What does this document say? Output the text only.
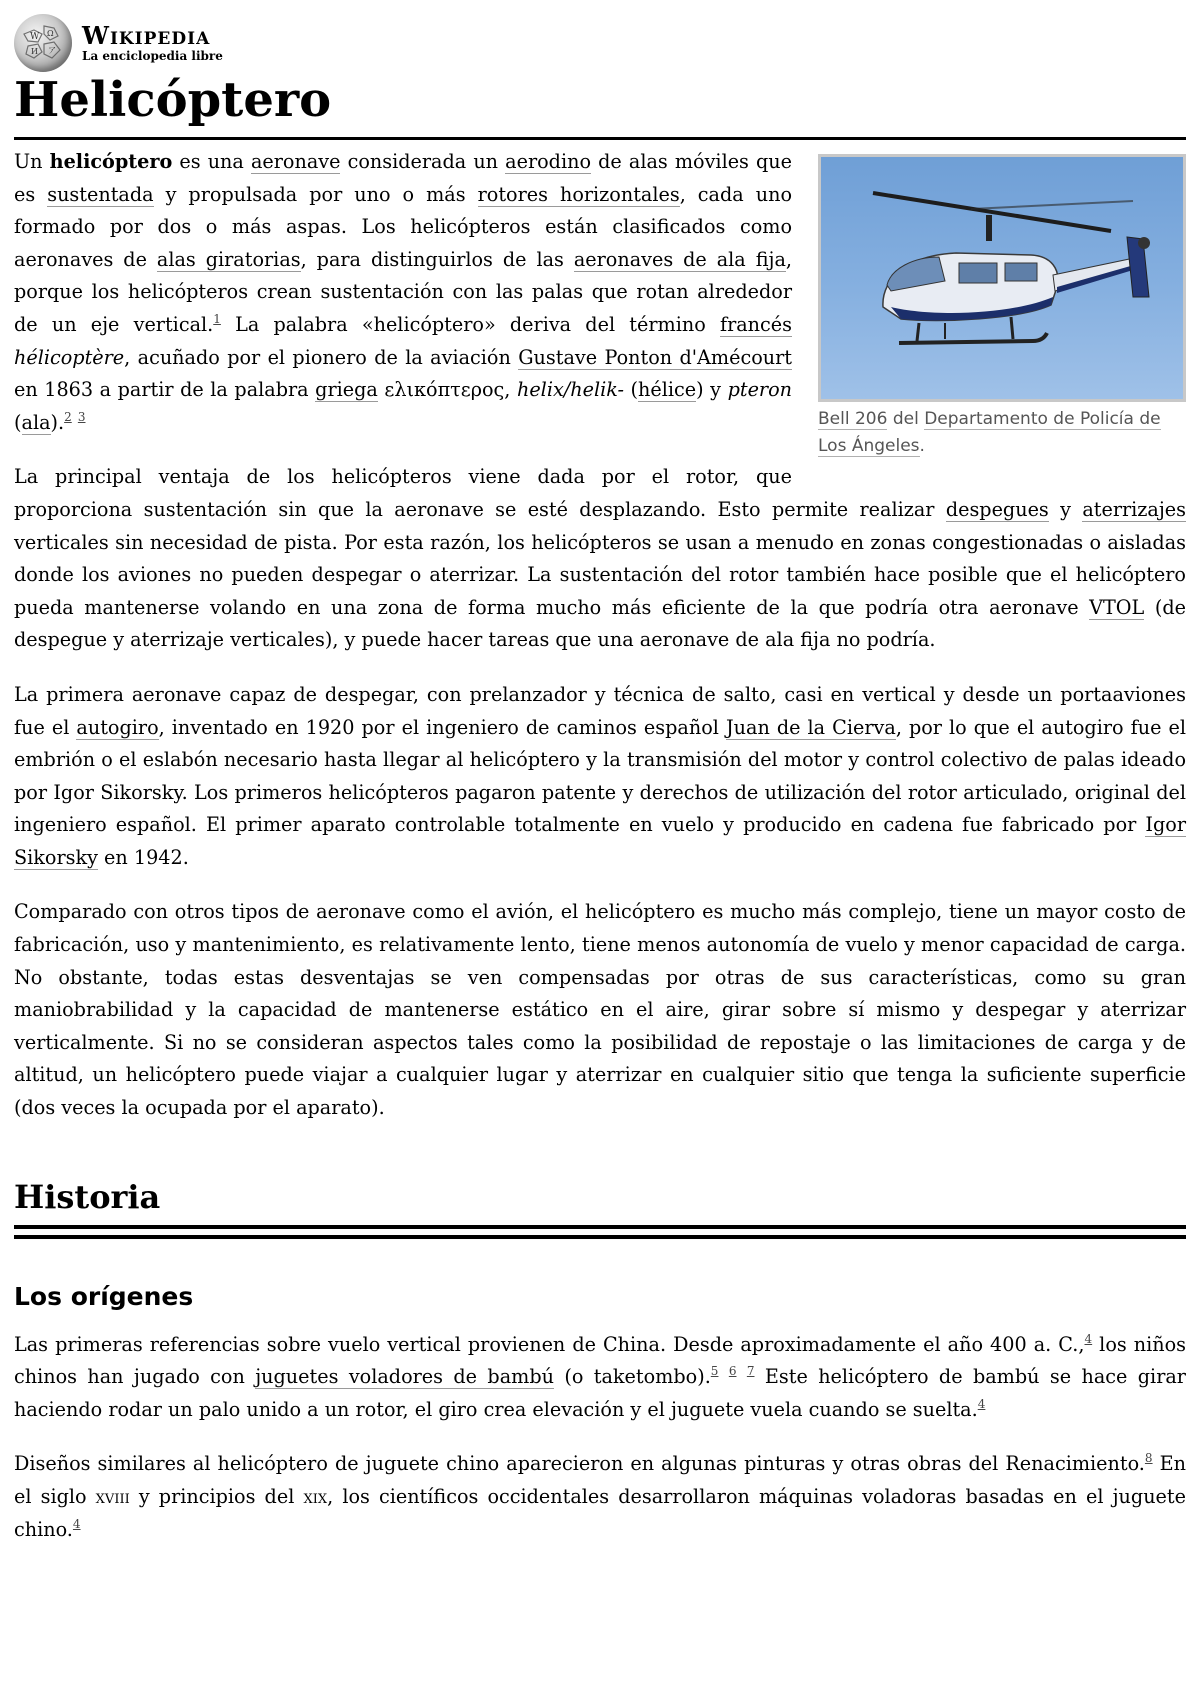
W Ω
И ア
Wikipedia
La enciclopedia libre
Helicóptero
Bell 206 del Departamento de Policía de Los Ángeles.

Un helicóptero es una aeronave considerada un aerodino de alas móviles que es sustentada y propulsada por uno o más rotores horizontales, cada uno formado por dos o más aspas. Los helicópteros están clasificados como aeronaves de alas giratorias, para distinguirlos de las aeronaves de ala fija, porque los helicópteros crean sustentación con las palas que rotan alrededor de un eje vertical.$^1$ La palabra «helicóptero» deriva del término francés hélicoptère, acuñado por el pionero de la aviación Gustave Ponton d'Amécourt en 1863 a partir de la palabra griega ελικόπτερος, helix/helik- (hélice) y pteron (ala).$^2$ $^3$

La principal ventaja de los helicópteros viene dada por el rotor, que proporciona sustentación sin que la aeronave se esté desplazando. Esto permite realizar despegues y aterrizajes verticales sin necesidad de pista. Por esta razón, los helicópteros se usan a menudo en zonas congestionadas o aisladas donde los aviones no pueden despegar o aterrizar. La sustentación del rotor también hace posible que el helicóptero pueda mantenerse volando en una zona de forma mucho más eficiente de la que podría otra aeronave VTOL (de despegue y aterrizaje verticales), y puede hacer tareas que una aeronave de ala fija no podría.

La primera aeronave capaz de despegar, con prelanzador y técnica de salto, casi en vertical y desde un portaaviones fue el autogiro, inventado en 1920 por el ingeniero de caminos español Juan de la Cierva, por lo que el autogiro fue el embrión o el eslabón necesario hasta llegar al helicóptero y la transmisión del motor y control colectivo de palas ideado por Igor Sikorsky. Los primeros helicópteros pagaron patente y derechos de utilización del rotor articulado, original del ingeniero español. El primer aparato controlable totalmente en vuelo y producido en cadena fue fabricado por Igor Sikorsky en 1942.

Comparado con otros tipos de aeronave como el avión, el helicóptero es mucho más complejo, tiene un mayor costo de fabricación, uso y mantenimiento, es relativamente lento, tiene menos autonomía de vuelo y menor capacidad de carga. No obstante, todas estas desventajas se ven compensadas por otras de sus características, como su gran maniobrabilidad y la capacidad de mantenerse estático en el aire, girar sobre sí mismo y despegar y aterrizar verticalmente. Si no se consideran aspectos tales como la posibilidad de repostaje o las limitaciones de carga y de altitud, un helicóptero puede viajar a cualquier lugar y aterrizar en cualquier sitio que tenga la suficiente superficie (dos veces la ocupada por el aparato).

Historia
Los orígenes

Las primeras referencias sobre vuelo vertical provienen de China. Desde aproximadamente el año 400 a. C.,$^4$ los niños chinos han jugado con juguetes voladores de bambú (o taketombo).$^5$ $^6$ $^7$ Este helicóptero de bambú se hace girar haciendo rodar un palo unido a un rotor, el giro crea elevación y el juguete vuela cuando se suelta.$^4$

Diseños similares al helicóptero de juguete chino aparecieron en algunas pinturas y otras obras del Renacimiento.$^8$ En el siglo xviii y principios del xix, los científicos occidentales desarrollaron máquinas voladoras basadas en el juguete chino.$^4$
